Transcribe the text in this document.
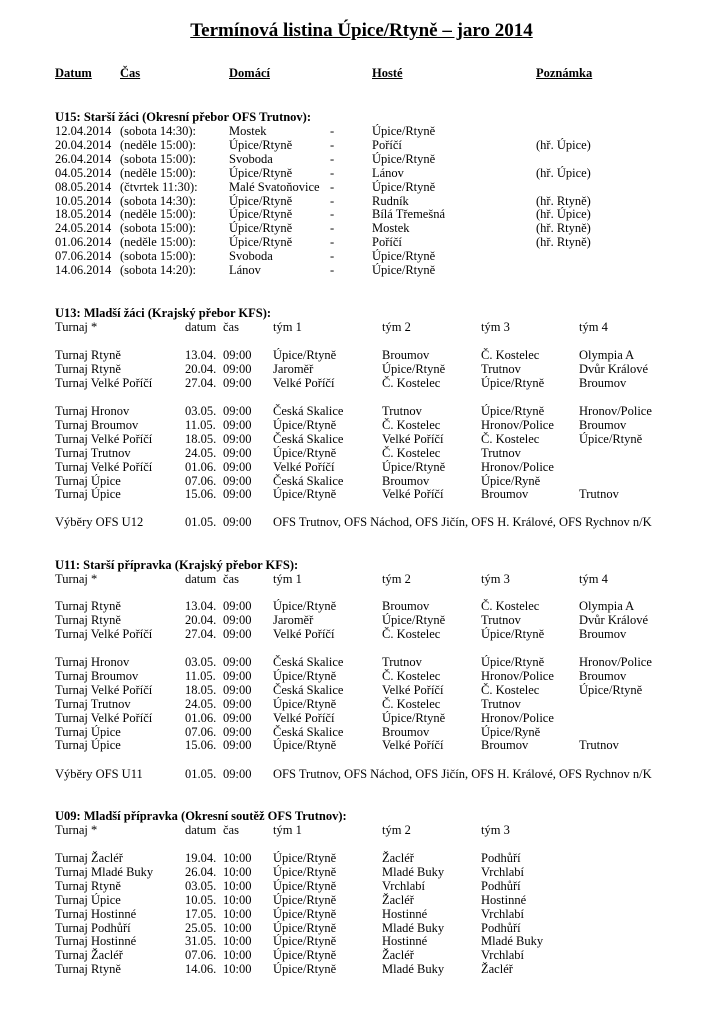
Termínová listina Úpice/Rtyně – jaro 2014
Datum Čas	Domácí	Hosté	Poznámka
U15: Starší žáci (Okresní přebor OFS Trutnov):
12.04.2014 (sobota 14:30):	Mostek	-	Úpice/Rtyně
20.04.2014 (neděle 15:00):	Úpice/Rtyně	-	Poříčí	(hř. Úpice)
26.04.2014 (sobota 15:00):	Svoboda	-	Úpice/Rtyně
04.05.2014 (neděle 15:00):	Úpice/Rtyně	-	Lánov	(hř. Úpice)
08.05.2014 (čtvrtek 11:30):	Malé Svatoňovice -	Úpice/Rtyně
10.05.2014 (sobota 14:30):	Úpice/Rtyně	-	Rudník	(hř. Rtyně)
18.05.2014 (neděle 15:00):	Úpice/Rtyně	-	Bílá Třemešná	(hř. Úpice)
24.05.2014 (sobota 15:00):	Úpice/Rtyně	-	Mostek	(hř. Rtyně)
01.06.2014 (neděle 15:00):	Úpice/Rtyně	-	Poříčí	(hř. Rtyně)
07.06.2014 (sobota 15:00):	Svoboda	-	Úpice/Rtyně
14.06.2014 (sobota 14:20):	Lánov	-	Úpice/Rtyně
U13: Mladší žáci (Krajský přebor KFS):
Turnaj *	datum čas	tým 1	tým 2	tým 3	tým 4
Turnaj Rtyně	13.04. 09:00 Úpice/Rtyně	Broumov	Č. Kostelec	Olympia A
Turnaj Rtyně	20.04. 09:00 Jaroměř	Úpice/Rtyně	Trutnov	Dvůr Králové
Turnaj Velké Poříčí	27.04. 09:00 Velké Poříčí	Č. Kostelec	Úpice/Rtyně	Broumov
Turnaj Hronov	03.05. 09:00 Česká Skalice	Trutnov	Úpice/Rtyně	Hronov/Police
Turnaj Broumov	11.05. 09:00 Úpice/Rtyně	Č. Kostelec	Hronov/Police Broumov
Turnaj Velké Poříčí	18.05. 09:00 Česká Skalice	Velké Poříčí	Č. Kostelec	Úpice/Rtyně
Turnaj Trutnov	24.05. 09:00 Úpice/Rtyně	Č. Kostelec	Trutnov
Turnaj Velké Poříčí	01.06. 09:00 Velké Poříčí	Úpice/Rtyně	Hronov/Police
Turnaj Úpice	07.06. 09:00 Česká Skalice	Broumov	Úpice/Ryně
Turnaj Úpice	15.06. 09:00 Úpice/Rtyně	Velké Poříčí	Broumov	Trutnov
Výběry OFS U12	01.05. 09:00 OFS Trutnov, OFS Náchod, OFS Jičín, OFS H. Králové, OFS Rychnov n/K
U11: Starší přípravka (Krajský přebor KFS):
Turnaj *	datum čas	tým 1	tým 2	tým 3	tým 4
Turnaj Rtyně	13.04. 09:00 Úpice/Rtyně	Broumov	Č. Kostelec	Olympia A
Turnaj Rtyně	20.04. 09:00 Jaroměř	Úpice/Rtyně	Trutnov	Dvůr Králové
Turnaj Velké Poříčí	27.04. 09:00 Velké Poříčí	Č. Kostelec	Úpice/Rtyně	Broumov
Turnaj Hronov	03.05. 09:00 Česká Skalice	Trutnov	Úpice/Rtyně	Hronov/Police
Turnaj Broumov	11.05. 09:00 Úpice/Rtyně	Č. Kostelec	Hronov/Police Broumov
Turnaj Velké Poříčí	18.05. 09:00 Česká Skalice	Velké Poříčí	Č. Kostelec	Úpice/Rtyně
Turnaj Trutnov	24.05. 09:00 Úpice/Rtyně	Č. Kostelec	Trutnov
Turnaj Velké Poříčí	01.06. 09:00 Velké Poříčí	Úpice/Rtyně	Hronov/Police
Turnaj Úpice	07.06. 09:00 Česká Skalice	Broumov	Úpice/Ryně
Turnaj Úpice	15.06. 09:00 Úpice/Rtyně	Velké Poříčí	Broumov	Trutnov
Výběry OFS U11	01.05. 09:00 OFS Trutnov, OFS Náchod, OFS Jičín, OFS H. Králové, OFS Rychnov n/K
U09: Mladší přípravka (Okresní soutěž OFS Trutnov):
Turnaj *	datum čas	tým 1	tým 2	tým 3
Turnaj Žacléř	19.04. 10:00 Úpice/Rtyně	Žacléř	Podhůří
Turnaj Mladé Buky	26.04. 10:00 Úpice/Rtyně	Mladé Buky	Vrchlabí
Turnaj Rtyně	03.05. 10:00 Úpice/Rtyně	Vrchlabí	Podhůří
Turnaj Úpice	10.05. 10:00 Úpice/Rtyně	Žacléř	Hostinné
Turnaj Hostinné	17.05. 10:00 Úpice/Rtyně	Hostinné	Vrchlabí
Turnaj Podhůří	25.05. 10:00 Úpice/Rtyně	Mladé Buky	Podhůří
Turnaj Hostinné	31.05. 10:00 Úpice/Rtyně	Hostinné	Mladé Buky
Turnaj Žacléř	07.06. 10:00 Úpice/Rtyně	Žacléř	Vrchlabí
Turnaj Rtyně	14.06. 10:00 Úpice/Rtyně	Mladé Buky	Žacléř
